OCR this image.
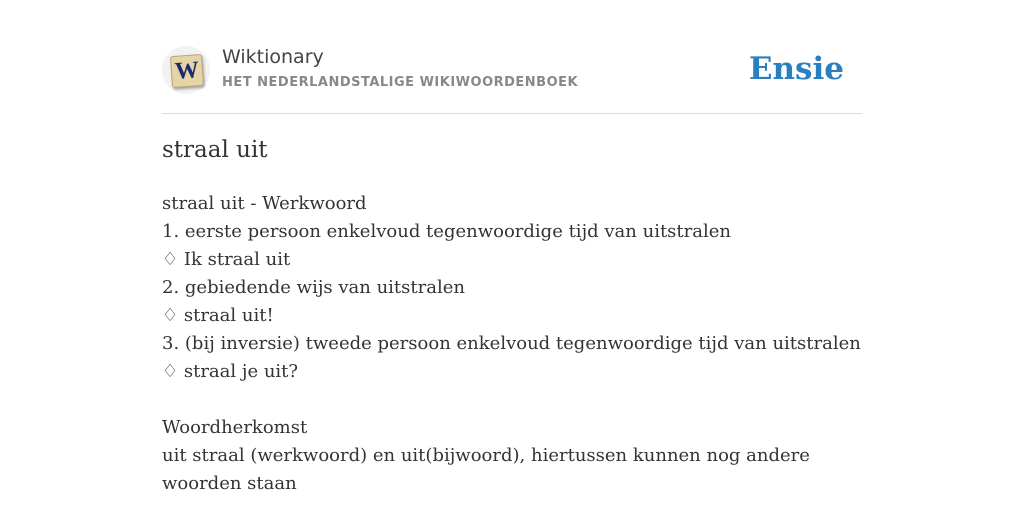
W
Wiktionary
HET NEDERLANDSTALIGE WIKIWOORDENBOEK	Ensie
straal uit
straal uit - Werkwoord
1. eerste persoon enkelvoud tegenwoordige tijd van uitstralen
♢ Ik straal uit
2. gebiedende wijs van uitstralen
♢ straal uit!
3. (bij inversie) tweede persoon enkelvoud tegenwoordige tijd van uitstralen
♢ straal je uit?
Woordherkomst
uit straal (werkwoord) en uit(bijwoord), hiertussen kunnen nog andere woorden staan
